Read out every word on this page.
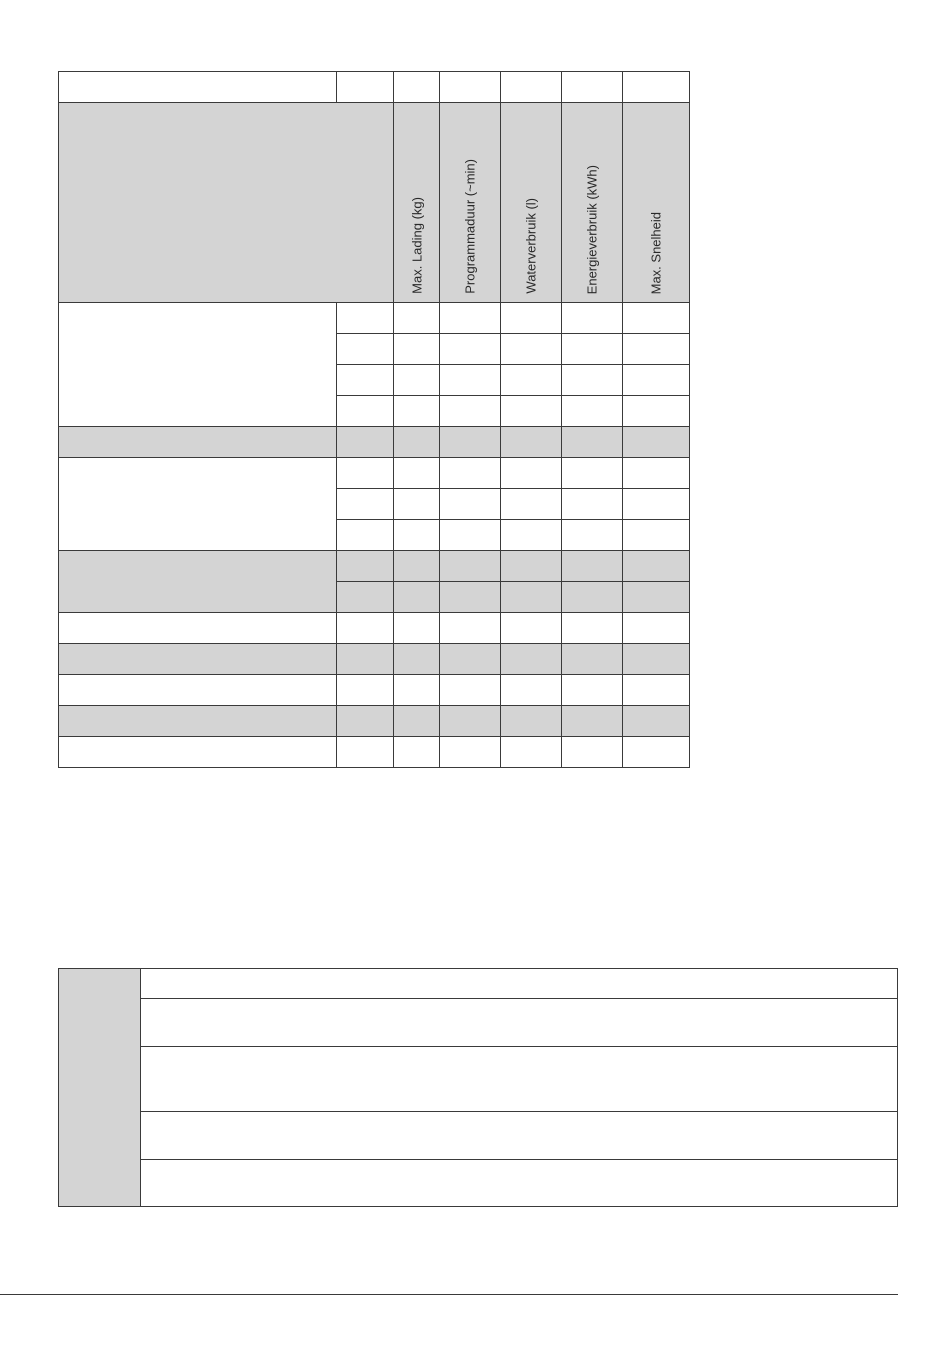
		Max. Lading (kg)	Programmaduur (~min)	Waterverbruik (l)	Energieverbruik (kWh)	Max. Snelheid
